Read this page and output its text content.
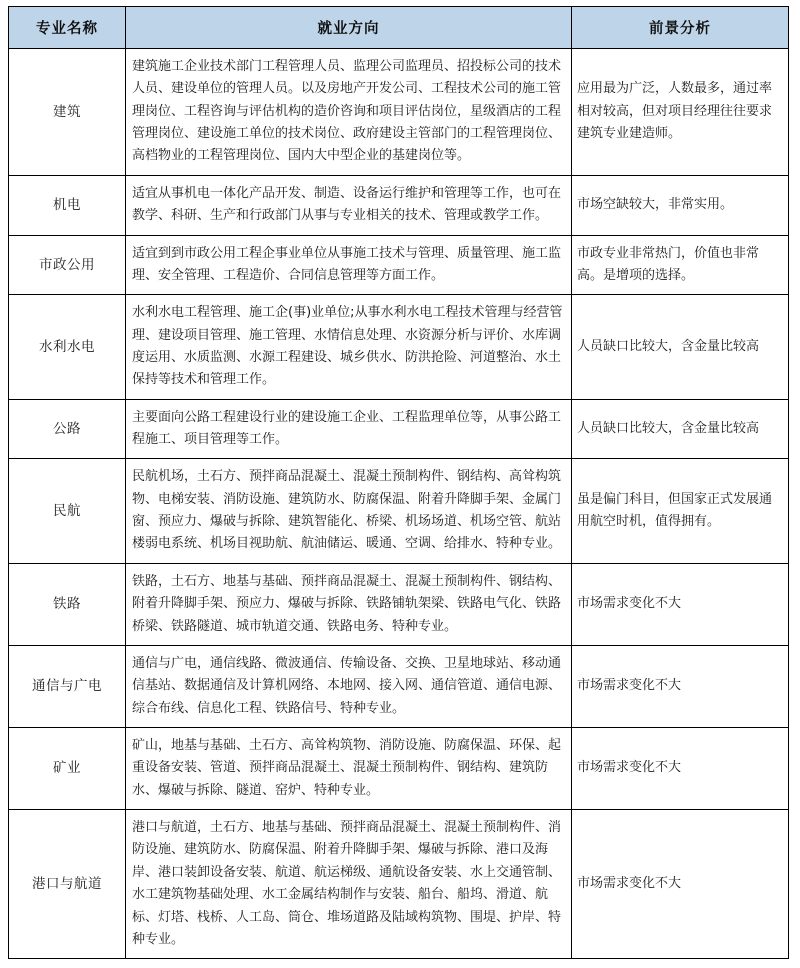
专业名称	就业方向	前景分析
建筑	建筑施工企业技术部门工程管理人员、监理公司监理员、招投标公司的技术人员、建设单位的管理人员。以及房地产开发公司、工程技术公司的施工管理岗位、工程咨询与评估机构的造价咨询和项目评估岗位，星级酒店的工程管理岗位、建设施工单位的技术岗位、政府建设主管部门的工程管理岗位、高档物业的工程管理岗位、国内大中型企业的基建岗位等。	应用最为广泛，人数最多，通过率相对较高，但对项目经理往往要求建筑专业建造师。
机电	适宜从事机电一体化产品开发、制造、设备运行维护和管理等工作，也可在教学、科研、生产和行政部门从事与专业相关的技术、管理或教学工作。	市场空缺较大，非常实用。
市政公用	适宜到到市政公用工程企事业单位从事施工技术与管理、质量管理、施工监理、安全管理、工程造价、合同信息管理等方面工作。	市政专业非常热门，价值也非常高。是增项的选择。
水利水电	水利水电工程管理、施工企(事)业单位;从事水利水电工程技术管理与经营管理、建设项目管理、施工管理、水情信息处理、水资源分析与评价、水库调度运用、水质监测、水源工程建设、城乡供水、防洪抢险、河道整治、水土保持等技术和管理工作。	人员缺口比较大，含金量比较高
公路	主要面向公路工程建设行业的建设施工企业、工程监理单位等，从事公路工程施工、项目管理等工作。	人员缺口比较大，含金量比较高
民航	民航机场，土石方、预拌商品混凝土、混凝土预制构件、钢结构、高耸构筑物、电梯安装、消防设施、建筑防水、防腐保温、附着升降脚手架、金属门窗、预应力、爆破与拆除、建筑智能化、桥梁、机场场道、机场空管、航站楼弱电系统、机场目视助航、航油储运、暖通、空调、给排水、特种专业。	虽是偏门科目，但国家正式发展通用航空时机，值得拥有。
铁路	铁路，土石方、地基与基础、预拌商品混凝土、混凝土预制构件、钢结构、附着升降脚手架、预应力、爆破与拆除、铁路铺轨架梁、铁路电气化、铁路桥梁、铁路隧道、城市轨道交通、铁路电务、特种专业。	市场需求变化不大
通信与广电	通信与广电，通信线路、微波通信、传输设备、交换、卫星地球站、移动通信基站、数据通信及计算机网络、本地网、接入网、通信管道、通信电源、综合布线、信息化工程、铁路信号、特种专业。	市场需求变化不大
矿业	矿山，地基与基础、土石方、高耸构筑物、消防设施、防腐保温、环保、起重设备安装、管道、预拌商品混凝土、混凝土预制构件、钢结构、建筑防水、爆破与拆除、隧道、窑炉、特种专业。	市场需求变化不大
港口与航道	港口与航道，土石方、地基与基础、预拌商品混凝土、混凝土预制构件、消防设施、建筑防水、防腐保温、附着升降脚手架、爆破与拆除、港口及海岸、港口装卸设备安装、航道、航运梯级、通航设备安装、水上交通管制、水工建筑物基础处理、水工金属结构制作与安装、船台、船坞、滑道、航标、灯塔、栈桥、人工岛、筒仓、堆场道路及陆域构筑物、围堤、护岸、特种专业。	市场需求变化不大
